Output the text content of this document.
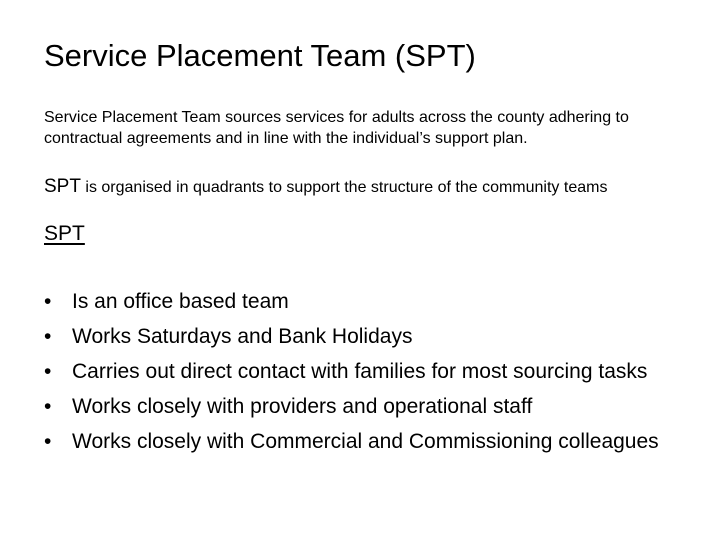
Service Placement Team (SPT)
Service Placement Team sources services for adults across the county adhering to contractual agreements and in line with the individual’s support plan.
SPT is organised in quadrants to support the structure of the community teams
SPT
• Is an office based team
• Works Saturdays and Bank Holidays
• Carries out direct contact with families for most sourcing tasks
• Works closely with providers and operational staff
• Works closely with Commercial and Commissioning colleagues
